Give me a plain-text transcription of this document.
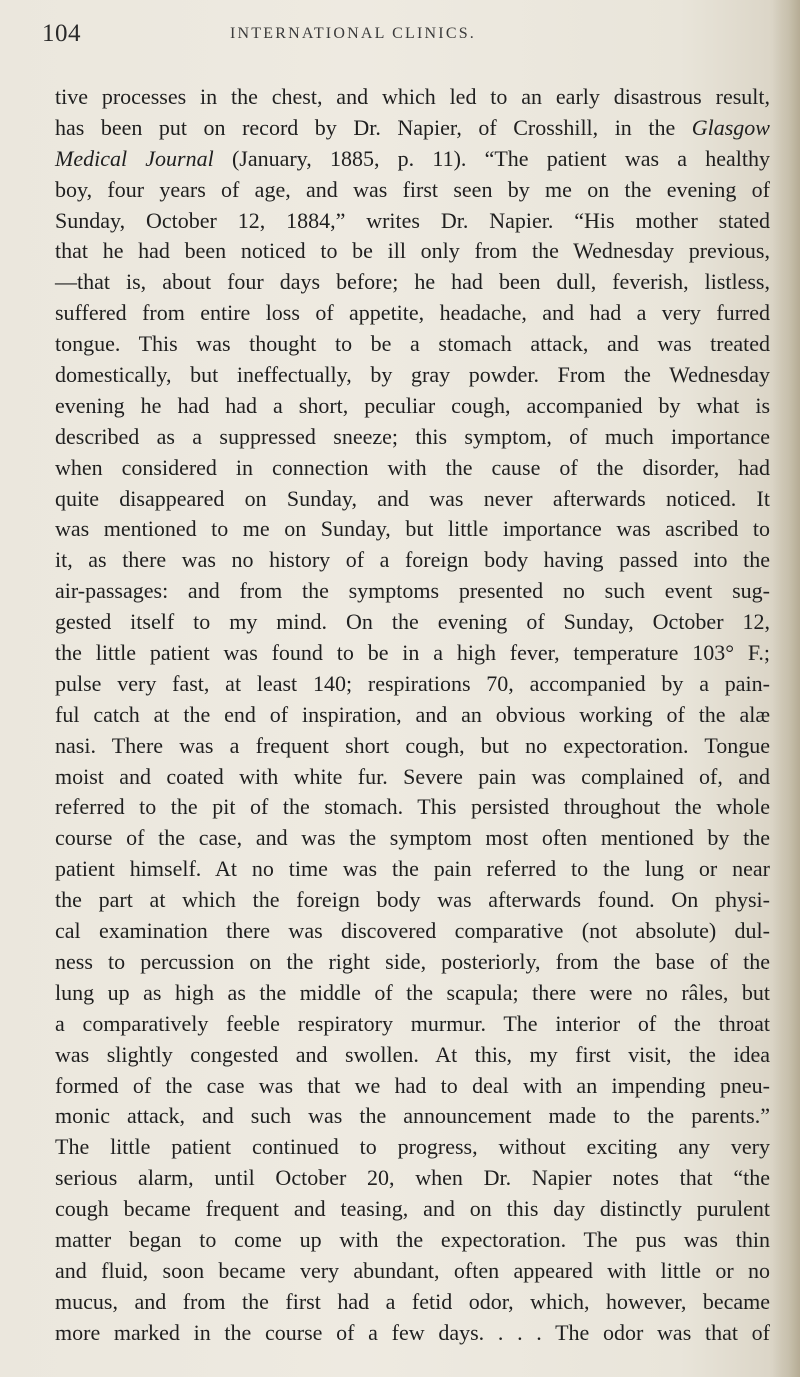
104	INTERNATIONAL CLINICS.
tive processes in the chest, and which led to an early disastrous result,
has been put on record by Dr. Napier, of Crosshill, in the Glasgow
Medical Journal (January, 1885, p. 11). “The patient was a healthy
boy, four years of age, and was first seen by me on the evening of
Sunday, October 12, 1884,” writes Dr. Napier. “His mother stated
that he had been noticed to be ill only from the Wednesday previous,
—that is, about four days before; he had been dull, feverish, listless,
suffered from entire loss of appetite, headache, and had a very furred
tongue. This was thought to be a stomach attack, and was treated
domestically, but ineffectually, by gray powder. From the Wednesday
evening he had had a short, peculiar cough, accompanied by what is
described as a suppressed sneeze; this symptom, of much importance
when considered in connection with the cause of the disorder, had
quite disappeared on Sunday, and was never afterwards noticed. It
was mentioned to me on Sunday, but little importance was ascribed to
it, as there was no history of a foreign body having passed into the
air-passages: and from the symptoms presented no such event sug-
gested itself to my mind. On the evening of Sunday, October 12,
the little patient was found to be in a high fever, temperature 103° F.;
pulse very fast, at least 140; respirations 70, accompanied by a pain-
ful catch at the end of inspiration, and an obvious working of the alæ
nasi. There was a frequent short cough, but no expectoration. Tongue
moist and coated with white fur. Severe pain was complained of, and
referred to the pit of the stomach. This persisted throughout the whole
course of the case, and was the symptom most often mentioned by the
patient himself. At no time was the pain referred to the lung or near
the part at which the foreign body was afterwards found. On physi-
cal examination there was discovered comparative (not absolute) dul-
ness to percussion on the right side, posteriorly, from the base of the
lung up as high as the middle of the scapula; there were no râles, but
a comparatively feeble respiratory murmur. The interior of the throat
was slightly congested and swollen. At this, my first visit, the idea
formed of the case was that we had to deal with an impending pneu-
monic attack, and such was the announcement made to the parents.”
The little patient continued to progress, without exciting any very
serious alarm, until October 20, when Dr. Napier notes that “the
cough became frequent and teasing, and on this day distinctly purulent
matter began to come up with the expectoration. The pus was thin
and fluid, soon became very abundant, often appeared with little or no
mucus, and from the first had a fetid odor, which, however, became
more marked in the course of a few days. . . . The odor was that of
